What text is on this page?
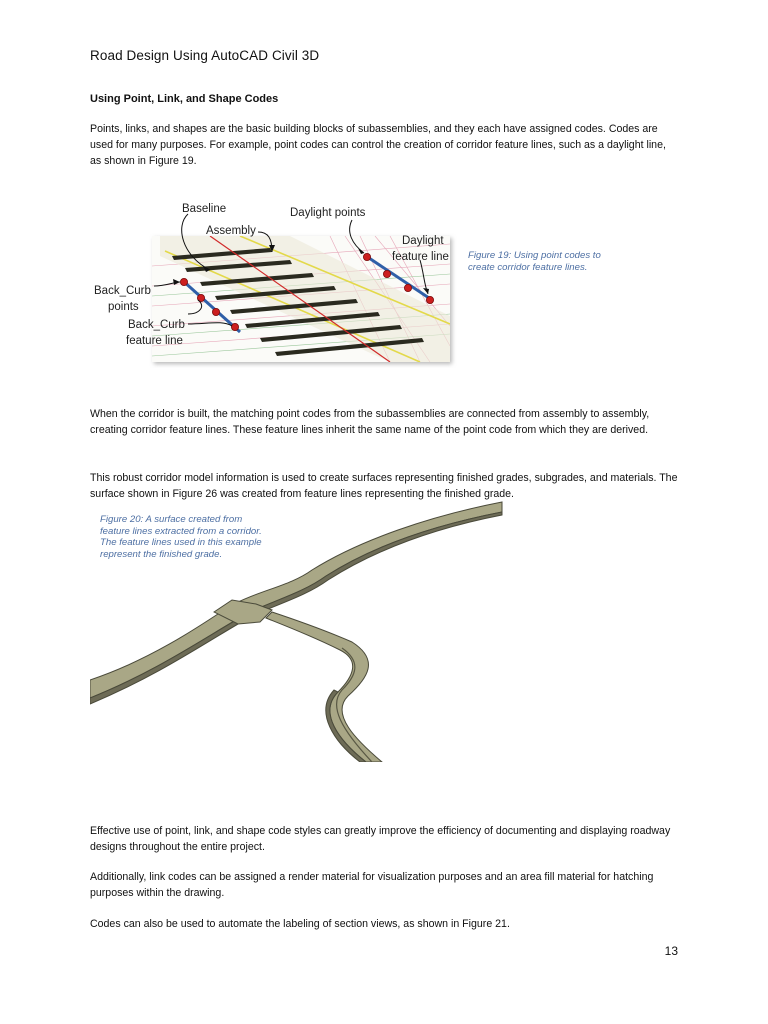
Road Design Using AutoCAD Civil 3D
Using Point, Link, and Shape Codes
Points, links, and shapes are the basic building blocks of subassemblies, and they each have assigned codes. Codes are used for many purposes. For example, point codes can control the creation of corridor feature lines, such as a daylight line, as shown in Figure 19.
Baseline
Assembly
Daylight points
Daylight
feature line
Back_Curb
points
Back_Curb
feature line
Figure 19: Using point codes to create corridor feature lines.
When the corridor is built, the matching point codes from the subassemblies are connected from assembly to assembly, creating corridor feature lines. These feature lines inherit the same name of the point code from which they are derived.
This robust corridor model information is used to create surfaces representing finished grades, subgrades, and materials. The surface shown in Figure 26 was created from feature lines representing the finished grade.
Figure 20: A surface created from feature lines extracted from a corridor. The feature lines used in this example represent the finished grade.
Effective use of point, link, and shape code styles can greatly improve the efficiency of documenting and displaying roadway designs throughout the entire project.
Additionally, link codes can be assigned a render material for visualization purposes and an area fill material for hatching purposes within the drawing.
Codes can also be used to automate the labeling of section views, as shown in Figure 21.
13
